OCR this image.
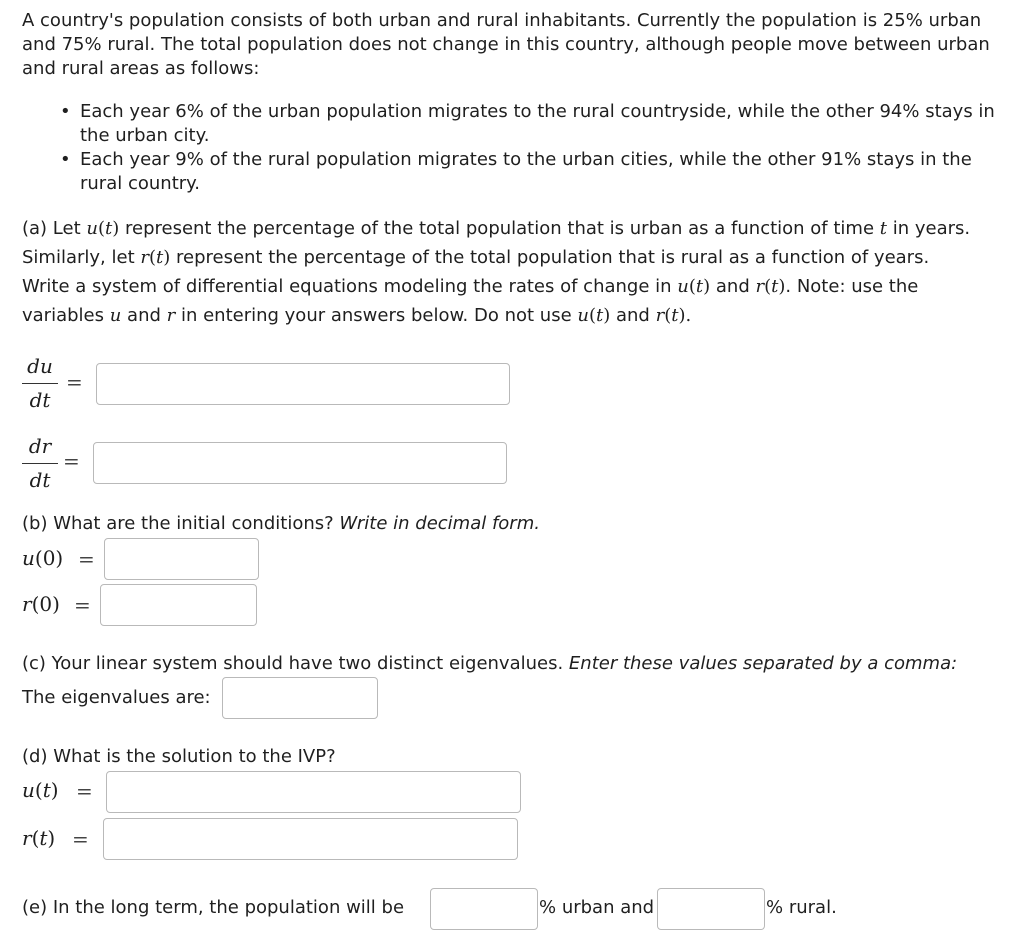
A country's population consists of both urban and rural inhabitants. Currently the population is 25% urban
and 75% rural. The total population does not change in this country, although people move between urban
and rural areas as follows:
• Each year 6% of the urban population migrates to the rural countryside, while the other 94% stays in
the urban city.
• Each year 9% of the rural population migrates to the urban cities, while the other 91% stays in the
rural country.
(a) Let u(t) represent the percentage of the total population that is urban as a function of time t in years.
Similarly, let r(t) represent the percentage of the total population that is rural as a function of years.
Write a system of differential equations modeling the rates of change in u(t) and r(t). Note: use the
variables u and r in entering your answers below. Do not use u(t) and r(t).
du
dt
=
dr
dt
=
(b) What are the initial conditions? Write in decimal form.
u(0) =
r(0) =
(c) Your linear system should have two distinct eigenvalues. Enter these values separated by a comma:
The eigenvalues are:
(d) What is the solution to the IVP?
u(t) =
r(t) =
(e) In the long term, the population will be	% urban and	% rural.
